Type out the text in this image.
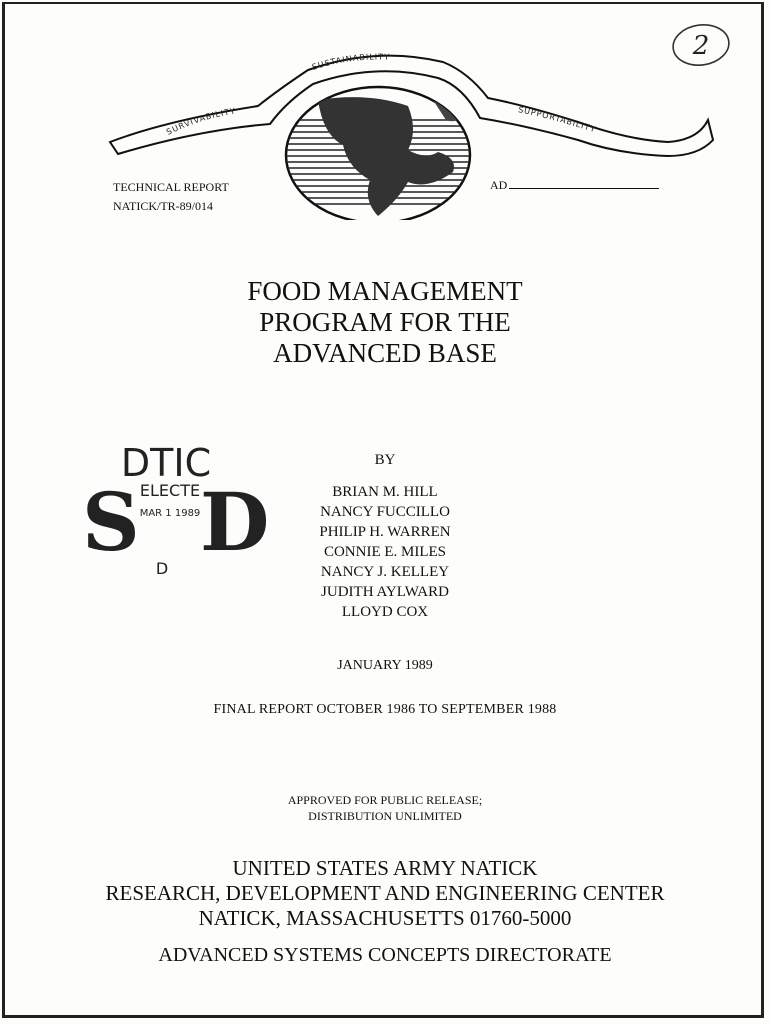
2
SURVIVABILITY
SUSTAINABILITY
SUPPORTABILITY
TECHNICAL REPORT
NATICK/TR-89/014
AD
FOOD MANAGEMENT
PROGRAM FOR THE
ADVANCED BASE
DTIC
S D
ELECTE
MAR 1 1989
D
BY
BRIAN M. HILL
NANCY FUCCILLO
PHILIP H. WARREN
CONNIE E. MILES
NANCY J. KELLEY
JUDITH AYLWARD
LLOYD COX
JANUARY 1989
FINAL REPORT OCTOBER 1986 TO SEPTEMBER 1988
APPROVED FOR PUBLIC RELEASE;
DISTRIBUTION UNLIMITED
UNITED STATES ARMY NATICK
RESEARCH, DEVELOPMENT AND ENGINEERING CENTER
NATICK, MASSACHUSETTS 01760-5000
ADVANCED SYSTEMS CONCEPTS DIRECTORATE
